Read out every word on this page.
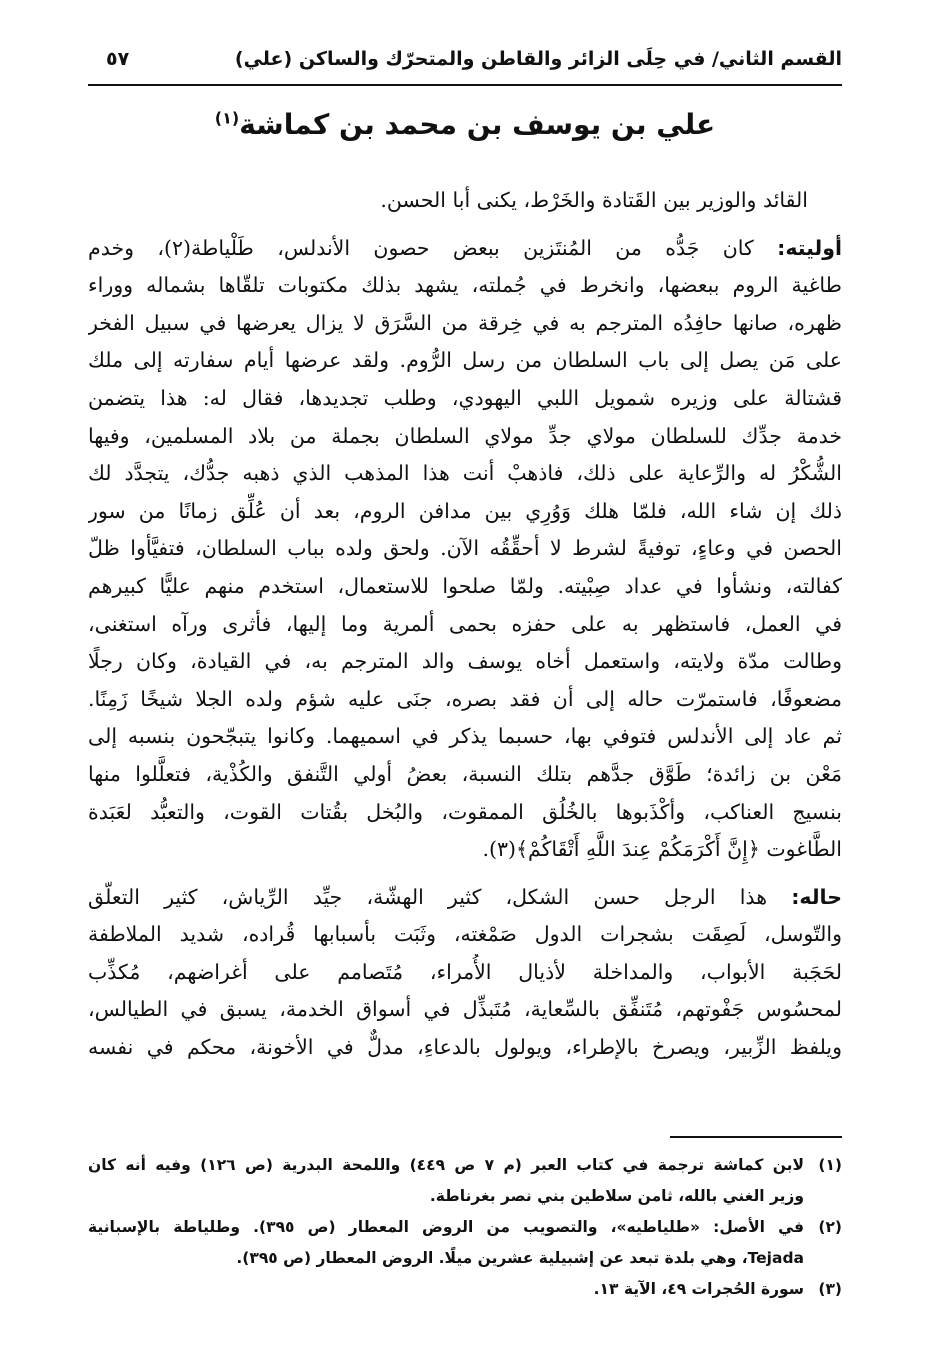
القسم الثاني/ في حِلَى الزائر والقاطن والمتحرّك والساكن (علي)
٥٧
علي بن يوسف بن محمد بن كماشة$^{(١)}$
القائد والوزير بين القَتادة والخَرْط، يكنى أبا الحسن.
أوليته: كان جَدُّه من المُنتَزين ببعض حصون الأندلس، طَلْياطة(٢)، وخدم
طاغية الروم ببعضها، وانخرط في جُملته، يشهد بذلك مكتوبات تلقّاها بشماله ووراء
ظهره، صانها حافِدُه المترجم به في خِرقة من السَّرَق لا يزال يعرضها في سبيل الفخر
على مَن يصل إلى باب السلطان من رسل الرُّوم. ولقد عرضها أيام سفارته إلى ملك
قشتالة على وزيره شمويل اللبي اليهودي، وطلب تجديدها، فقال له: هذا يتضمن
خدمة جدِّك للسلطان مولاي جدِّ مولاي السلطان بجملة من بلاد المسلمين، وفيها
الشُّكْرُ له والرِّعاية على ذلك، فاذهبْ أنت هذا المذهب الذي ذهبه جدُّك، يتجدَّد لك
ذلك إن شاء الله، فلمّا هلك وَوُرِي بين مدافن الروم، بعد أن عُلِّق زمانًا من سور
الحصن في وعاءٍ، توفيةً لشرط لا أحقِّقُه الآن. ولحق ولده بباب السلطان، فتفيَّأوا ظلّ
كفالته، ونشأوا في عداد صِبْيته. ولمّا صلحوا للاستعمال، استخدم منهم عليًّا كبيرهم
في العمل، فاستظهر به على حفزه بحمى ألمرية وما إليها، فأثرى ورآه استغنى،
وطالت مدّة ولايته، واستعمل أخاه يوسف والد المترجم به، في القيادة، وكان رجلًا
مضعوفًا، فاستمرّت حاله إلى أن فقد بصره، جنَى عليه شؤم ولده الجلا شيخًا زَمِنًا.
ثم عاد إلى الأندلس فتوفي بها، حسبما يذكر في اسميهما. وكانوا يتبجّحون بنسبه إلى
مَعْن بن زائدة؛ طَوَّق جدَّهم بتلك النسبة، بعضُ أولي التَّنفق والكُذْية، فتعلَّلوا منها
بنسيج العناكب، وأكْذَبوها بالخُلُق الممقوت، والبُخل بقُتات القوت، والتعبُّد لعَبَدة
الطَّاغوت ﴿إِنَّ أَكْرَمَكُمْ عِندَ اللَّهِ أَتْقَاكُمْ﴾(٣).
حاله: هذا الرجل حسن الشكل، كثير الهشّة، جيِّد الرِّياش، كثير التعلّق
والتّوسل، لَصِقَت بشجرات الدول صَمْغته، وثَبَت بأسبابها قُراده، شديد الملاطفة
لحَجَبة الأبواب، والمداخلة لأذيال الأُمراء، مُتَصامم على أغراضهم، مُكذِّب
لمحسُوس جَفْوتهم، مُتَنفِّق بالسِّعاية، مُتَبذِّل في أسواق الخدمة، يسبق في الطيالس،
ويلفظ الزِّبير، ويصرخ بالإطراء، ويولول بالدعاءِ، مدلٌّ في الأخونة، محكم في نفسه
(١)
لابن كماشة ترجمة في كتاب العبر (م ٧ ص ٤٤٩) واللمحة البدرية (ص ١٢٦) وفيه أنه كان
وزير الغني بالله، ثامن سلاطين بني نصر بغرناطة.
(٢)
في الأصل: «طلياطيه»، والتصويب من الروض المعطار (ص ٣٩٥). وطلياطة بالإسبانية
Tejada، وهي بلدة تبعد عن إشبيلية عشرين ميلًا. الروض المعطار (ص ٣٩٥).
(٣)
سورة الحُجرات ٤٩، الآية ١٣.
